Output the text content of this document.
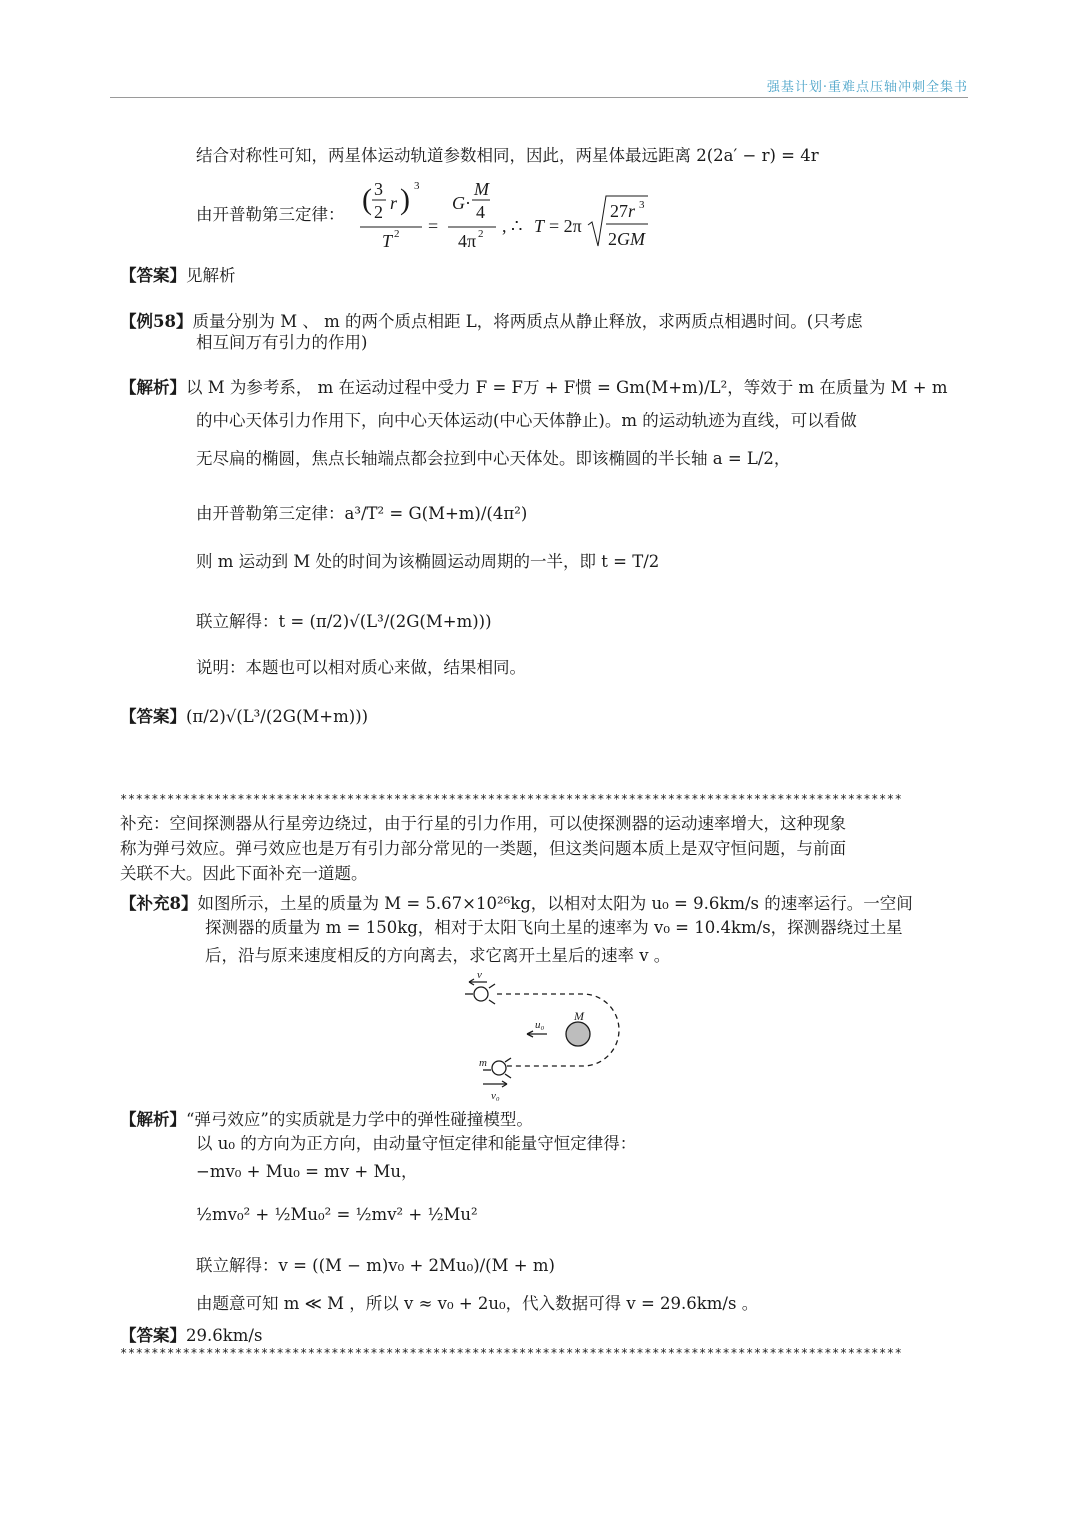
强基计划·重难点压轴冲刺全集书
结合对称性可知，两星体运动轨道参数相同，因此，两星体最远距离 2(2a′ − r) = 4r
由开普勒第三定律： ( 3
2 r ) 3
T 2 =
G ·
M
4
4π 2 , ∴ T = 2π
27r 3
2GM
【答案】见解析
【例58】质量分别为 M 、 m 的两个质点相距 L，将两质点从静止释放，求两质点相遇时间。(只考虑
相互间万有引力的作用)
【解析】以 M 为参考系， m 在运动过程中受力 F = F万 + F惯 = Gm(M+m)/L²，等效于 m 在质量为 M + m
的中心天体引力作用下，向中心天体运动(中心天体静止)。m 的运动轨迹为直线，可以看做
无尽扁的椭圆，焦点长轴端点都会拉到中心天体处。即该椭圆的半长轴 a = L/2，
由开普勒第三定律：a³/T² = G(M+m)/(4π²)
则 m 运动到 M 处的时间为该椭圆运动周期的一半，即 t = T/2
联立解得：t = (π/2)√(L³/(2G(M+m)))
说明：本题也可以相对质心来做，结果相同。
【答案】(π/2)√(L³/(2G(M+m)))
****************************************************************************************************
补充：空间探测器从行星旁边绕过，由于行星的引力作用，可以使探测器的运动速率增大，这种现象
称为弹弓效应。弹弓效应也是万有引力部分常见的一类题，但这类问题本质上是双守恒问题，与前面
关联不大。因此下面补充一道题。
【补充8】如图所示，土星的质量为 M = 5.67×10²⁶kg，以相对太阳为 u₀ = 9.6km/s 的速率运行。一空间
探测器的质量为 m = 150kg，相对于太阳飞向土星的速率为 v₀ = 10.4km/s，探测器绕过土星
后，沿与原来速度相反的方向离去，求它离开土星后的速率 v 。
v
u₀
M
m
v₀
【解析】“弹弓效应”的实质就是力学中的弹性碰撞模型。
以 u₀ 的方向为正方向，由动量守恒定律和能量守恒定律得：
−mv₀ + Mu₀ = mv + Mu，
½mv₀² + ½Mu₀² = ½mv² + ½Mu²
联立解得：v = ((M − m)v₀ + 2Mu₀)/(M + m)
由题意可知 m ≪ M ，所以 v ≈ v₀ + 2u₀，代入数据可得 v = 29.6km/s 。
【答案】29.6km/s
****************************************************************************************************
